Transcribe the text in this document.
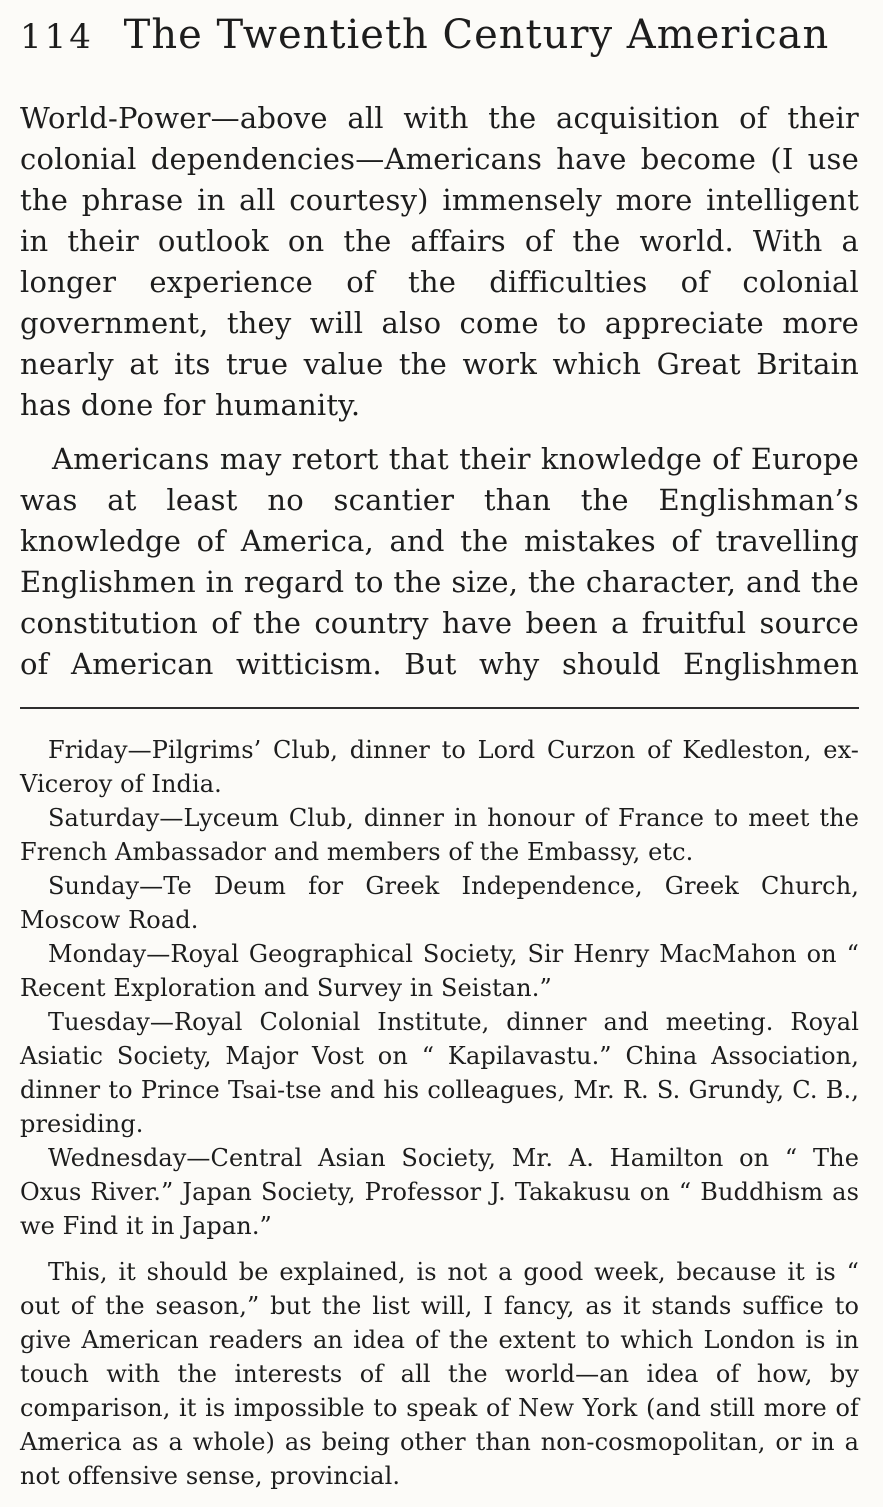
114 The Twentieth Century American

World-Power—above all with the acquisition of their colonial dependencies—Americans have become (I use the phrase in all courtesy) immensely more intelligent in their outlook on the affairs of the world. With a longer experience of the difficulties of colonial government, they will also come to appreciate more nearly at its true value the work which Great Britain has done for humanity.

Americans may retort that their knowledge of Europe was at least no scantier than the Englishman’s knowledge of America, and the mistakes of travelling Englishmen in regard to the size, the character, and the constitution of the country have been a fruitful source of American witticism. But why should Englishmen

Friday—Pilgrims’ Club, dinner to Lord Curzon of Kedleston, ex-Viceroy of India.

Saturday—Lyceum Club, dinner in honour of France to meet the French Ambassador and members of the Embassy, etc.

Sunday—Te Deum for Greek Independence, Greek Church, Moscow Road.

Monday—Royal Geographical Society, Sir Henry MacMahon on “ Recent Exploration and Survey in Seistan.”

Tuesday—Royal Colonial Institute, dinner and meeting. Royal Asiatic Society, Major Vost on “ Kapilavastu.” China Association, dinner to Prince Tsai-tse and his colleagues, Mr. R. S. Grundy, C. B., presiding.

Wednesday—Central Asian Society, Mr. A. Hamilton on “ The Oxus River.” Japan Society, Professor J. Takakusu on “ Buddhism as we Find it in Japan.”

This, it should be explained, is not a good week, because it is “ out of the season,” but the list will, I fancy, as it stands suffice to give American readers an idea of the extent to which London is in touch with the interests of all the world—an idea of how, by comparison, it is impossible to speak of New York (and still more of America as a whole) as being other than non-cosmopolitan, or in a not offensive sense, provincial.
